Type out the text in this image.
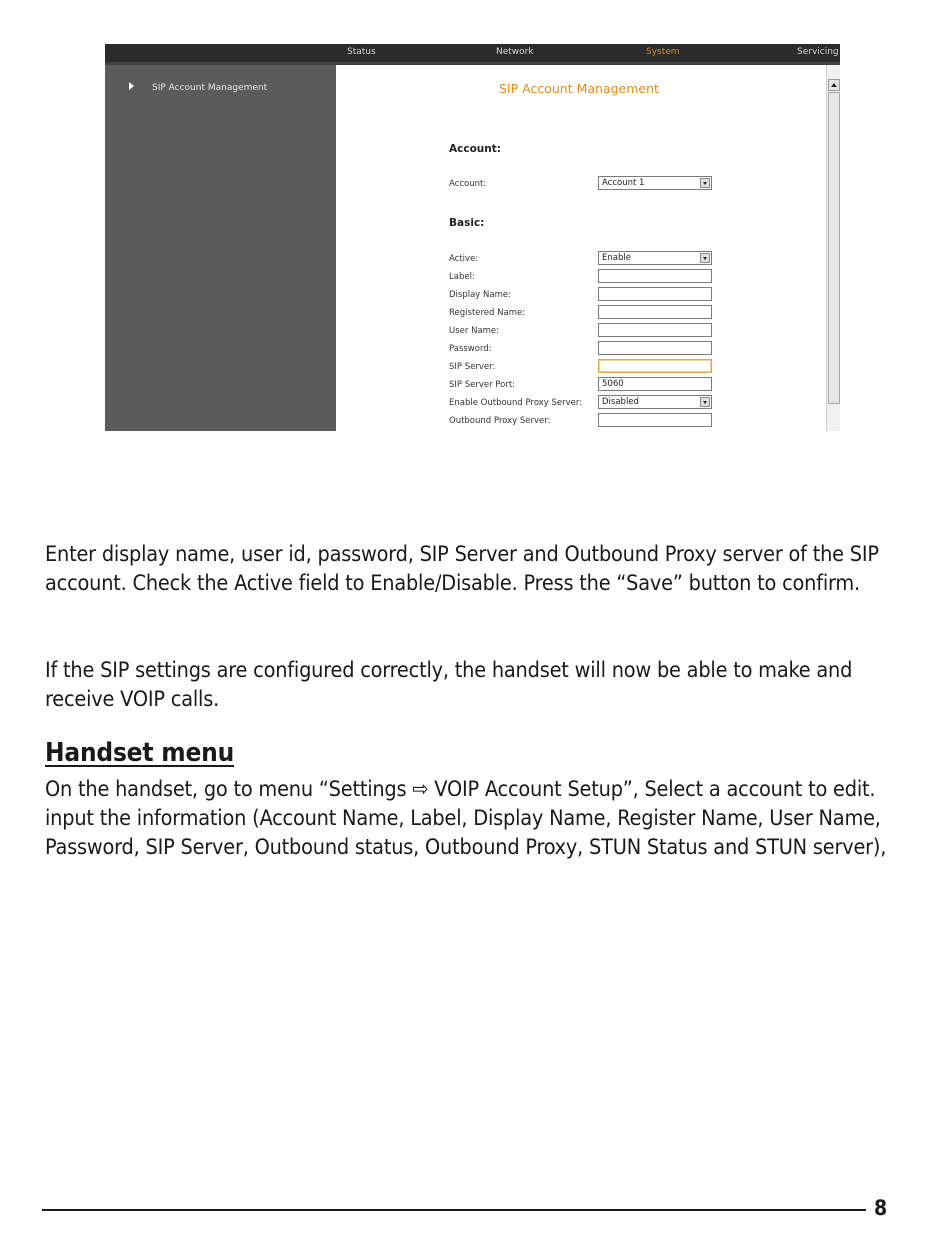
Status	Network	System	Servicing
SIP Account Management	SIP Account Management
Account:
Account:	Account 1
Basic:
Active:	Enable
Label:
Display Name:
Registered Name:
User Name:
Password:
SIP Server:
SIP Server Port:	5060
Enable Outbound Proxy Server:	Disabled
Outbound Proxy Server:

Enter display name, user id, password, SIP Server and Outbound Proxy server of the SIP account. Check the Active field to Enable/Disable. Press the “Save” button to confirm.

If the SIP settings are configured correctly, the handset will now be able to make and receive VOIP calls.

Handset menu

On the handset, go to menu “Settings ⇨ VOIP Account Setup”, Select a account to edit. input the information (Account Name, Label, Display Name, Register Name, User Name, Password, SIP Server, Outbound status, Outbound Proxy, STUN Status and STUN server),

8
